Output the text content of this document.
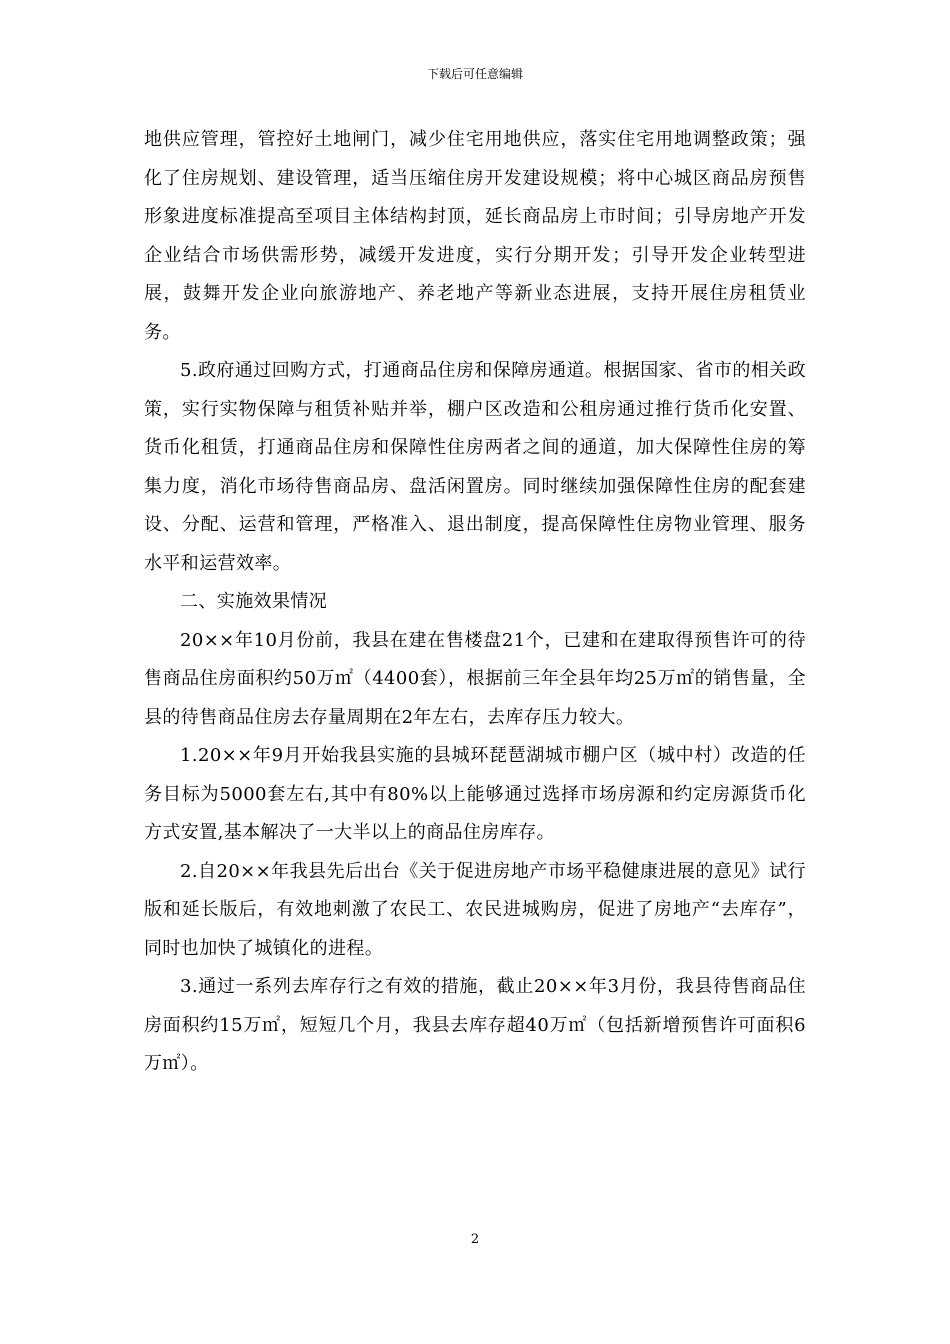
下载后可任意编辑

地供应管理，管控好土地闸门，减少住宅用地供应，落实住宅用地调整政策；强化了住房规划、建设管理，适当压缩住房开发建设规模；将中心城区商品房预售形象进度标准提高至项目主体结构封顶，延长商品房上市时间；引导房地产开发企业结合市场供需形势，减缓开发进度，实行分期开发；引导开发企业转型进展，鼓舞开发企业向旅游地产、养老地产等新业态进展，支持开展住房租赁业务。

5.政府通过回购方式，打通商品住房和保障房通道。根据国家、省市的相关政策，实行实物保障与租赁补贴并举，棚户区改造和公租房通过推行货币化安置、货币化租赁，打通商品住房和保障性住房两者之间的通道，加大保障性住房的筹集力度，消化市场待售商品房、盘活闲置房。同时继续加强保障性住房的配套建设、分配、运营和管理，严格准入、退出制度，提高保障性住房物业管理、服务水平和运营效率。

二、实施效果情况

20××年10月份前，我县在建在售楼盘21个，已建和在建取得预售许可的待售商品住房面积约50万㎡（4400套），根据前三年全县年均25万㎡的销售量，全县的待售商品住房去存量周期在2年左右，去库存压力较大。

1.20××年9月开始我县实施的县城环琵琶湖城市棚户区（城中村）改造的任务目标为5000套左右,其中有80%以上能够通过选择市场房源和约定房源货币化方式安置,基本解决了一大半以上的商品住房库存。

2.自20××年我县先后出台《关于促进房地产市场平稳健康进展的意见》试行版和延长版后，有效地刺激了农民工、农民进城购房，促进了房地产“去库存”，同时也加快了城镇化的进程。

3.通过一系列去库存行之有效的措施，截止20××年3月份，我县待售商品住房面积约15万㎡，短短几个月，我县去库存超40万㎡（包括新增预售许可面积6万㎡）。

2
